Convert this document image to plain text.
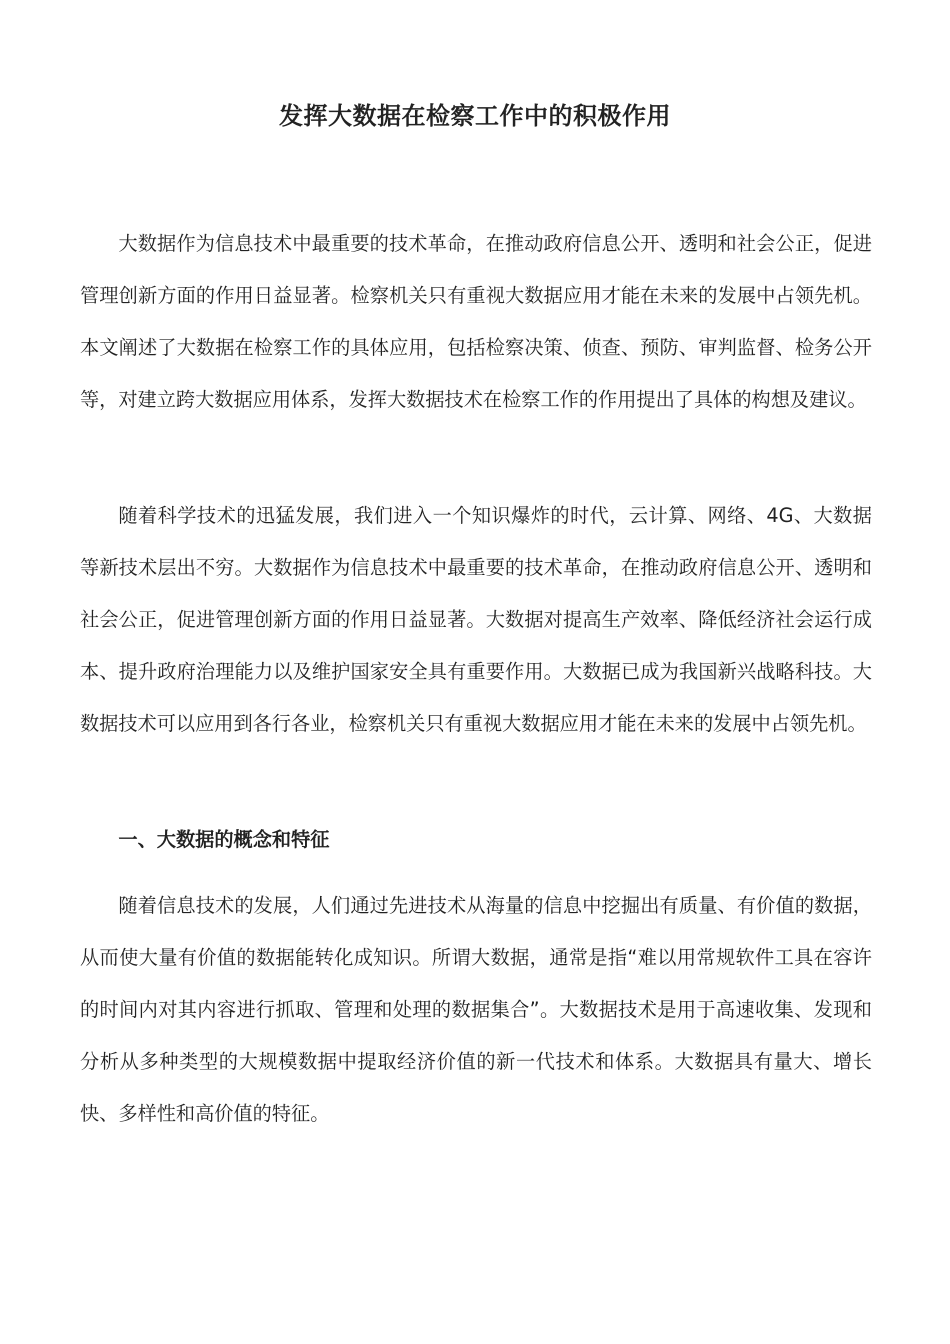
发挥大数据在检察工作中的积极作用

大数据作为信息技术中最重要的技术革命，在推动政府信息公开、透明和社会公正，促进管理创新方面的作用日益显著。检察机关只有重视大数据应用才能在未来的发展中占领先机。本文阐述了大数据在检察工作的具体应用，包括检察决策、侦查、预防、审判监督、检务公开等，对建立跨大数据应用体系，发挥大数据技术在检察工作的作用提出了具体的构想及建议。

随着科学技术的迅猛发展，我们进入一个知识爆炸的时代，云计算、网络、4G、大数据等新技术层出不穷。大数据作为信息技术中最重要的技术革命，在推动政府信息公开、透明和社会公正，促进管理创新方面的作用日益显著。大数据对提高生产效率、降低经济社会运行成本、提升政府治理能力以及维护国家安全具有重要作用。大数据已成为我国新兴战略科技。大数据技术可以应用到各行各业，检察机关只有重视大数据应用才能在未来的发展中占领先机。

一、大数据的概念和特征

随着信息技术的发展，人们通过先进技术从海量的信息中挖掘出有质量、有价值的数据，从而使大量有价值的数据能转化成知识。所谓大数据，通常是指“难以用常规软件工具在容许的时间内对其内容进行抓取、管理和处理的数据集合”。大数据技术是用于高速收集、发现和分析从多种类型的大规模数据中提取经济价值的新一代技术和体系。大数据具有量大、增长快、多样性和高价值的特征。
